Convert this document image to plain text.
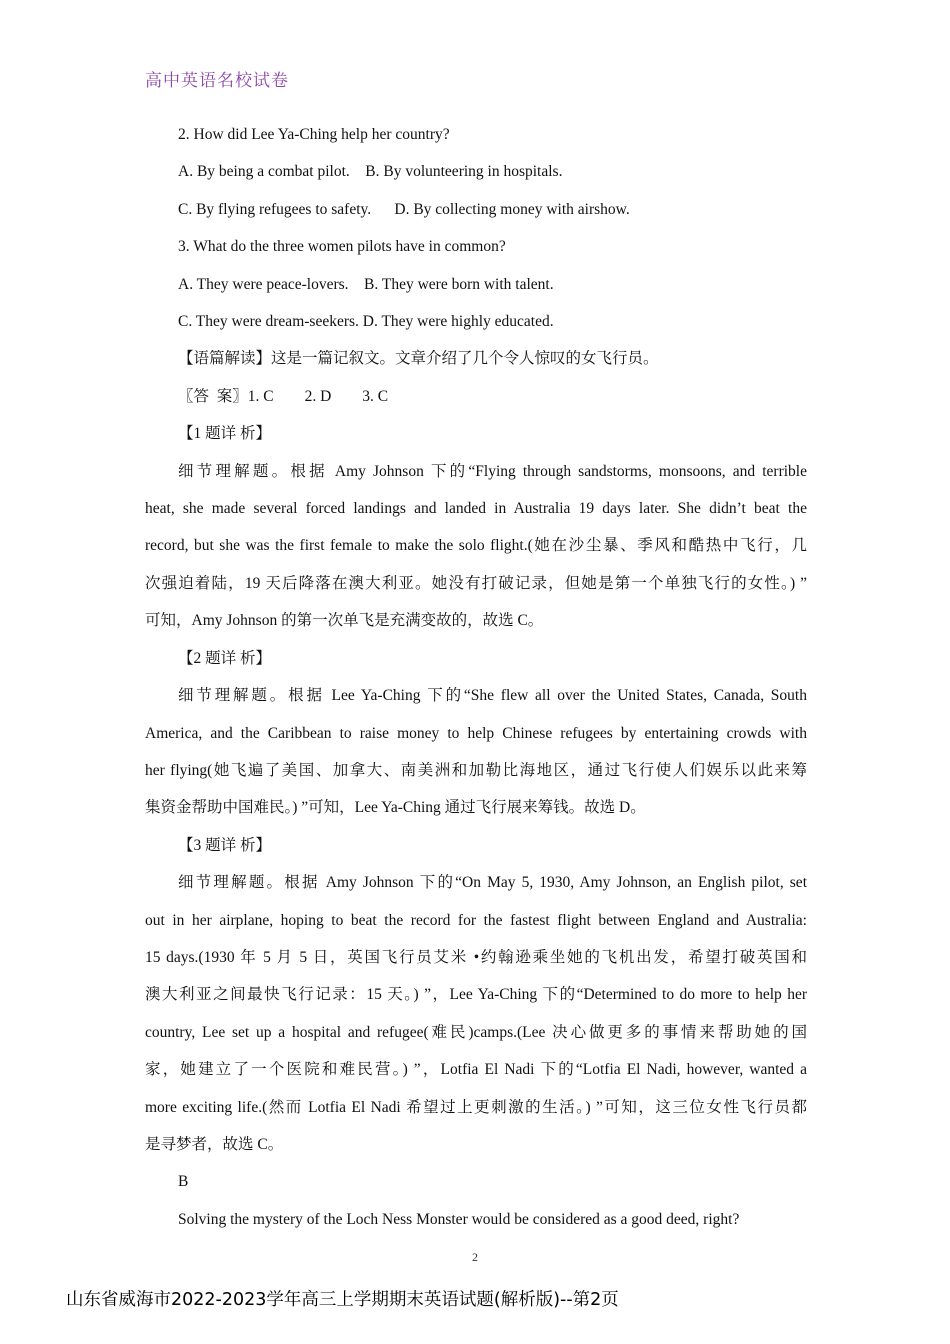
高中英语名校试卷

2. How did Lee Ya-Ching help her country?

A. By being a combat pilot.    B. By volunteering in hospitals.

C. By flying refugees to safety.      D. By collecting money with airshow.

3. What do the three women pilots have in common?

A. They were peace-lovers.    B. They were born with talent.

C. They were dream-seekers. D. They were highly educated.

【语篇解读】这是一篇记叙文。文章介绍了几个令人惊叹的女飞行员。

〖答  案〗1. C        2. D        3. C

【1 题详 析】

细节理解题。根据 Amy Johnson 下的“Flying through sandstorms, monsoons, and terrible

heat, she made several forced landings and landed in Australia 19 days later. She didn’t beat the

record, but she was the first female to make the solo flight.(她在沙尘暴、季风和酷热中飞行，几

次强迫着陆，19 天后降落在澳大利亚。她没有打破记录，但她是第一个单独飞行的女性。) ”

可知，Amy Johnson 的第一次单飞是充满变故的，故选 C。

【2 题详 析】

细节理解题。根据 Lee Ya-Ching 下的“She flew all over the United States, Canada, South

America, and the Caribbean to raise money to help Chinese refugees by entertaining crowds with

her flying(她飞遍了美国、加拿大、南美洲和加勒比海地区，通过飞行使人们娱乐以此来筹

集资金帮助中国难民。) ”可知，Lee Ya-Ching 通过飞行展来筹钱。故选 D。

【3 题详 析】

细节理解题。根据 Amy Johnson 下的“On May 5, 1930, Amy Johnson, an English pilot, set

out in her airplane, hoping to beat the record for the fastest flight between England and Australia:

15 days.(1930 年 5 月 5 日，英国飞行员艾米 •约翰逊乘坐她的飞机出发，希望打破英国和

澳大利亚之间最快飞行记录：15 天。) ”，Lee Ya-Ching 下的“Determined to do more to help her

country, Lee set up a hospital and refugee(难民)camps.(Lee 决心做更多的事情来帮助她的国

家，她建立了一个医院和难民营。) ”，Lotfia El Nadi 下的“Lotfia El Nadi, however, wanted a

more exciting life.(然而 Lotfia El Nadi 希望过上更刺激的生活。) ”可知，这三位女性飞行员都

是寻梦者，故选 C。

B

Solving the mystery of the Loch Ness Monster would be considered as a good deed, right?

2
山东省威海市2022-2023学年高三上学期期末英语试题(解析版)--第2页
